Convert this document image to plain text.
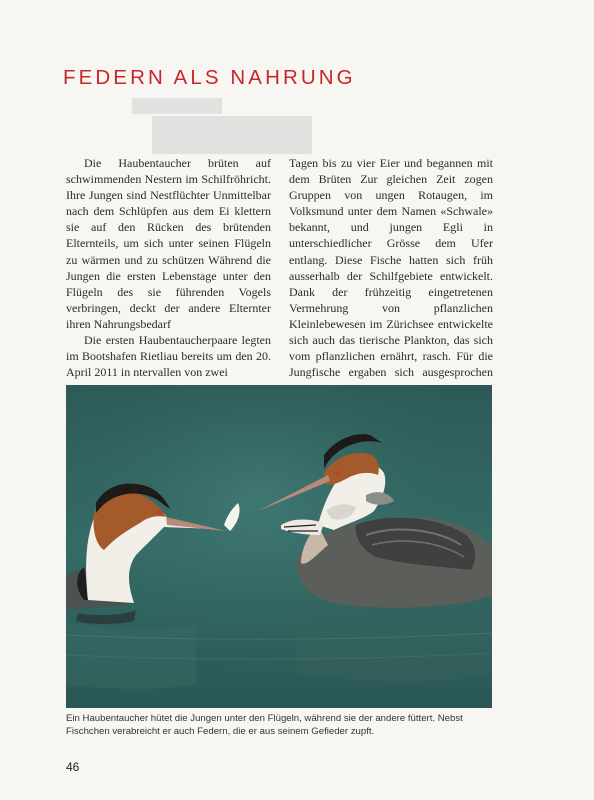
FEDERN ALS NAHRUNG

Die Haubentaucher brüten auf schwimmenden Nestern im Schilfröhricht. Ihre Jungen sind Nestflüchter Unmittelbar nach dem Schlüpfen aus dem Ei klettern sie auf den Rücken des brütenden Elternteils, um sich unter seinen Flügeln zu wärmen und zu schützen Während die Jungen die ersten Lebenstage unter den Flügeln des sie führenden Vogels verbringen, deckt der andere Elternter ihren Nahrungsbedarf

Die ersten Haubentaucherpaare legten im Bootshafen Rietliau bereits um den 20. April 2011 in ntervallen von zwei

Tagen bis zu vier Eier und begannen mit dem Brüten Zur gleichen Zeit zogen Gruppen von ungen Rotaugen, im Volksmund unter dem Namen «Schwale» bekannt, und jungen Egli in unterschiedlicher Grösse dem Ufer entlang. Diese Fische hatten sich früh ausserhalb der Schilfgebiete entwickelt. Dank der frühzeitig eingetretenen Vermehrung von pflanzlichen Kleinlebewesen im Zürichsee entwickelte sich auch das tierische Plankton, das sich vom pflanzlichen ernährt, rasch. Für die Jungfische ergaben sich ausgesprochen

Ein Haubentaucher hütet die Jungen unter den Flügeln, während sie der andere füttert. Nebst Fischchen verabreicht er auch Federn, die er aus seinem Gefieder zupft.

46
